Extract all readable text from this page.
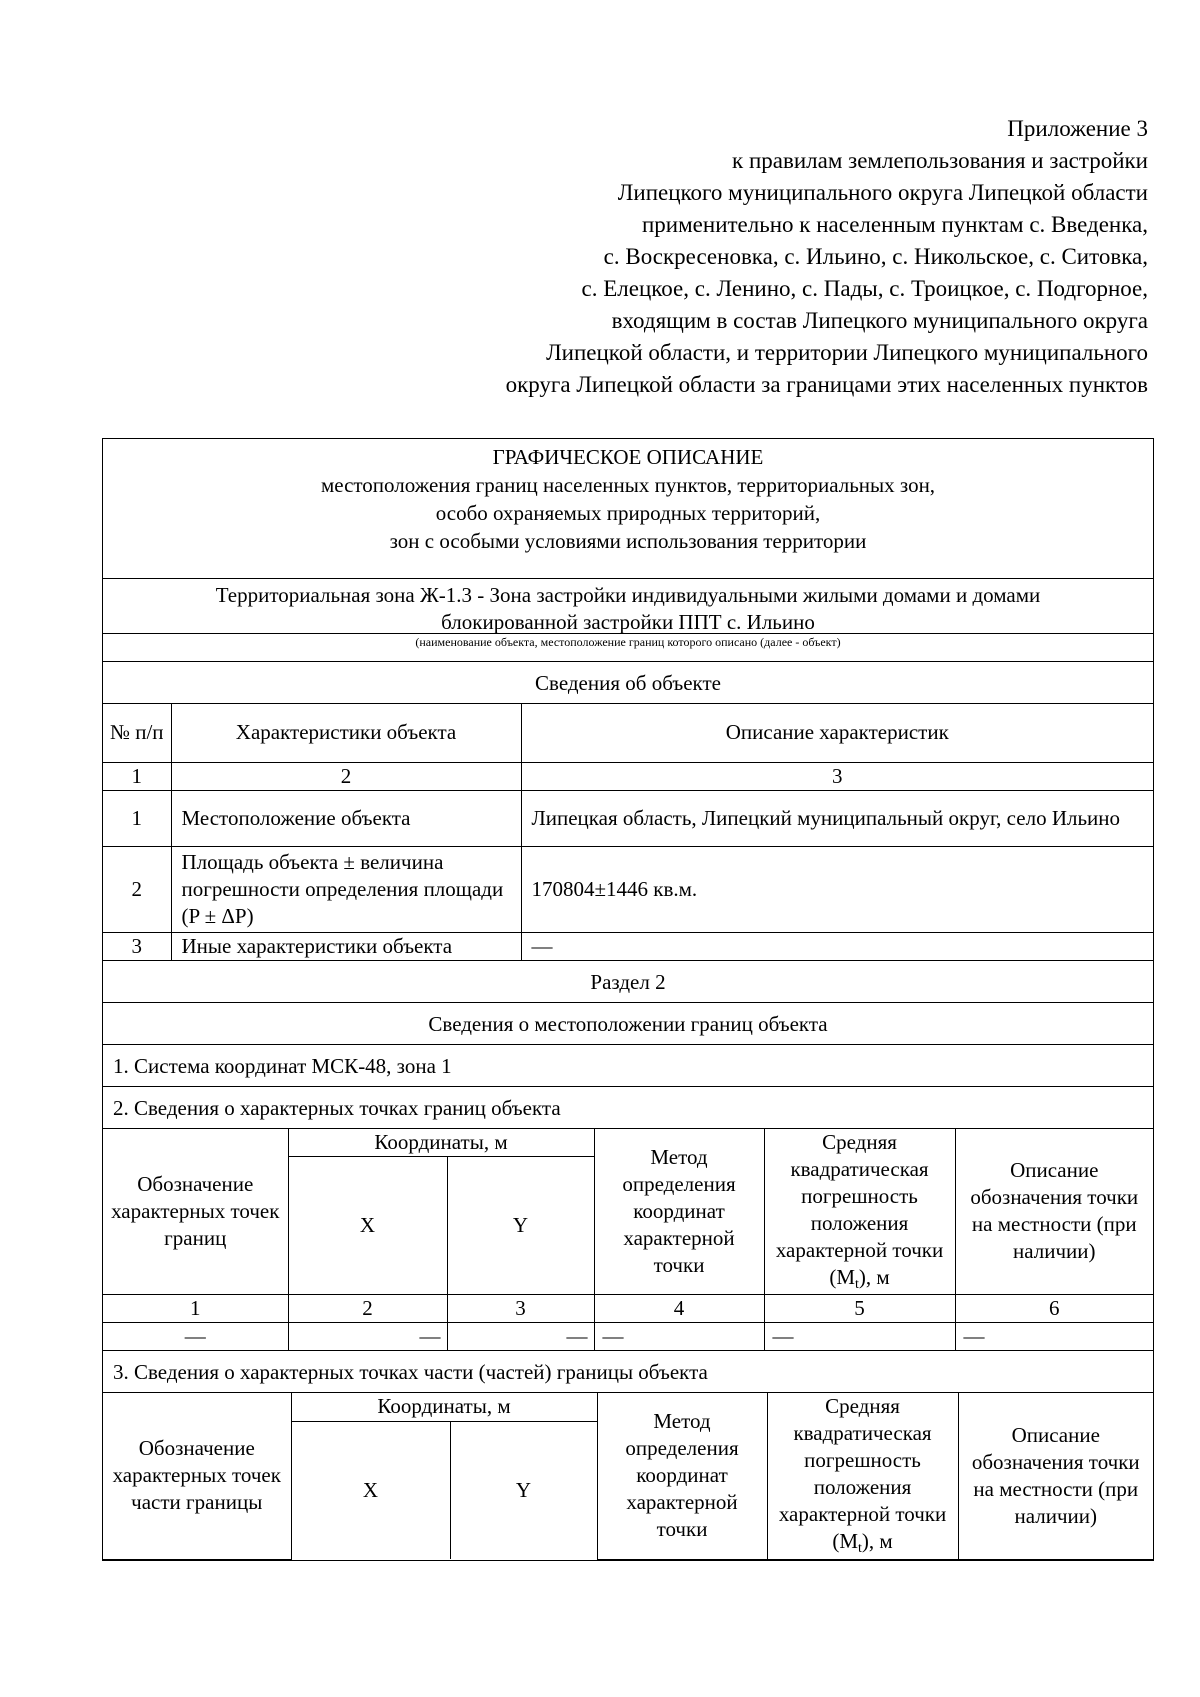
Приложение 3
к правилам землепользования и застройки
Липецкого муниципального округа Липецкой области
применительно к населенным пунктам с. Введенка,
с. Воскресеновка, с. Ильино, с. Никольское, с. Ситовка,
с. Елецкое, с. Ленино, с. Пады, с. Троицкое, с. Подгорное,
входящим в состав Липецкого муниципального округа
Липецкой области, и территории Липецкого муниципального
округа Липецкой области за границами этих населенных пунктов
ГРАФИЧЕСКОЕ ОПИСАНИЕ
местоположения границ населенных пунктов, территориальных зон,
особо охраняемых природных территорий,
зон с особыми условиями использования территории
Территориальная зона Ж-1.3 - Зона застройки индивидуальными жилыми домами и домами
блокированной застройки ППТ с. Ильино
(наименование объекта, местоположение границ которого описано (далее - объект)
Сведения об объекте
№ п/п	Характеристики объекта	Описание характеристик
1	2	3
1	Местоположение объекта	Липецкая область, Липецкий муниципальный округ, село Ильино
2	Площадь объекта ± величина погрешности определения площади (P ± ΔP)	170804±1446 кв.м.
3	Иные характеристики объекта	—
Раздел 2
Сведения о местоположении границ объекта
1. Система координат МСК-48, зона 1
2. Сведения о характерных точках границ объекта
Обозначение характерных точек границ	Координаты, м		Метод определения координат характерной точки	Средняя квадратическая погрешность положения характерной точки $(M_t)$, м	Описание обозначения точки на местности (при наличии)
	X	Y			
1	2	3	4	5	6
—	—	—	—	—	—
3. Сведения о характерных точках части (частей) границы объекта
Обозначение характерных точек части границы	Координаты, м		Метод определения координат характерной точки	Средняя квадратическая погрешность положения характерной точки $(M_t)$, м	Описание обозначения точки на местности (при наличии)
	X	Y			
